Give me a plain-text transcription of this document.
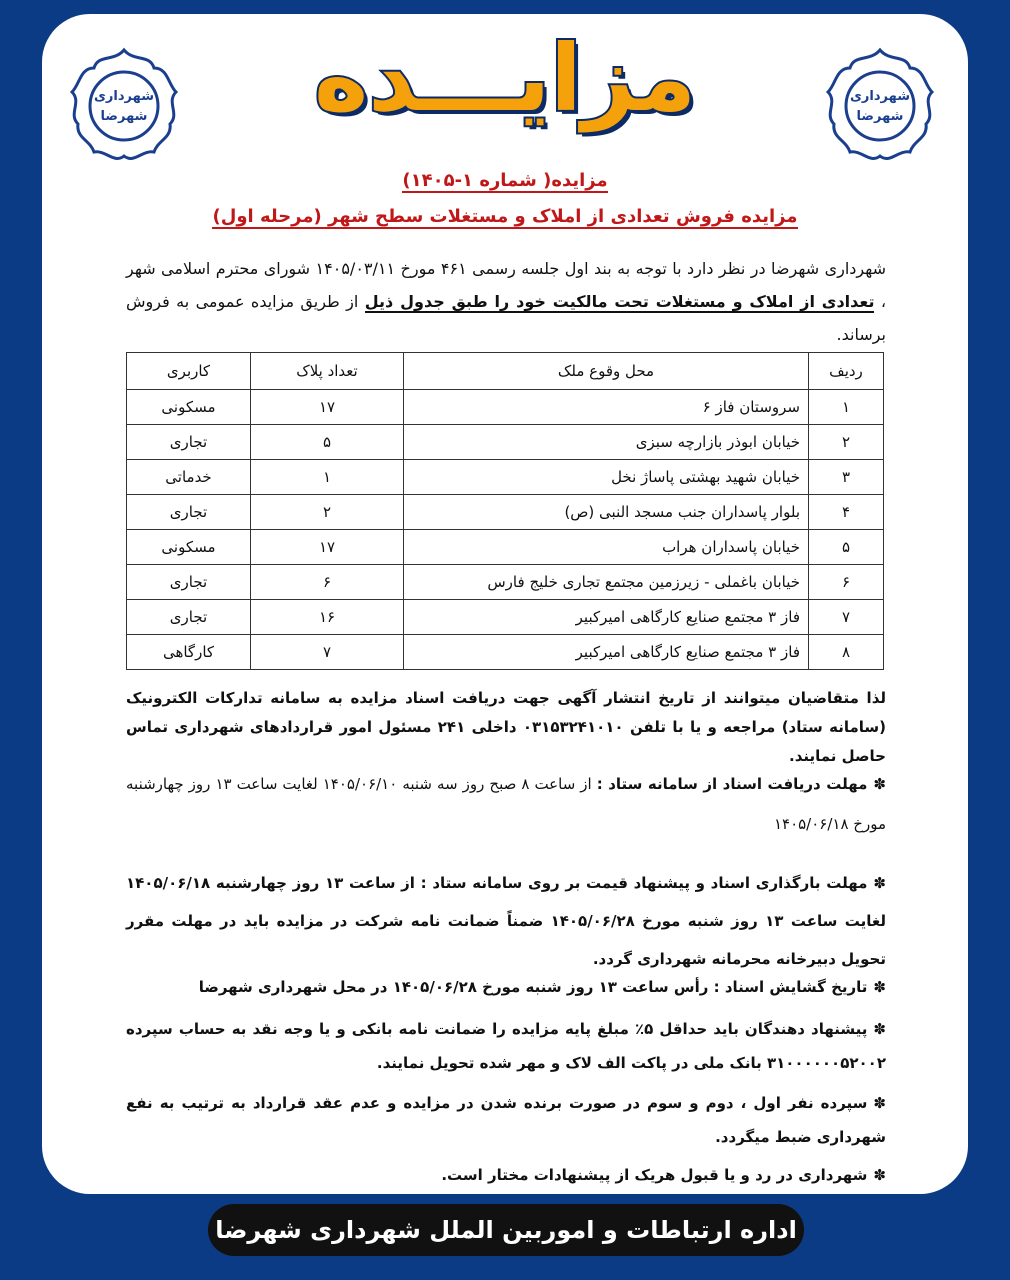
شهرداری
شهرضا
شهرداری
شهرضا
مزایـــده
مزایده( شماره ۱-۱۴۰۵)
مزایده فروش تعدادی از املاک و مستغلات سطح شهر (مرحله اول)
شهرداری شهرضا در نظر دارد با توجه به بند اول جلسه رسمی ۴۶۱ مورخ ۱۴۰۵/۰۳/۱۱ شورای محترم اسلامی شهر ، تعدادی از املاک و مستغلات تحت مالکیت خود را طبق جدول ذیل از طریق مزایده عمومی به فروش برساند.
ردیف	محل وقوع ملک	تعداد پلاک	کاربری
۱	سروستان فاز ۶	۱۷	مسکونی
۲	خیابان ابوذر بازارچه سبزی	۵	تجاری
۳	خیابان شهید بهشتی پاساژ نخل	۱	خدماتی
۴	بلوار پاسداران جنب مسجد النبی (ص)	۲	تجاری
۵	خیابان پاسداران هراب	۱۷	مسکونی
۶	خیابان باغملی - زیرزمین مجتمع تجاری خلیج فارس	۶	تجاری
۷	فاز ۳ مجتمع صنایع کارگاهی امیرکبیر	۱۶	تجاری
۸	فاز ۳ مجتمع صنایع کارگاهی امیرکبیر	۷	کارگاهی
لذا متقاضیان میتوانند از تاریخ انتشار آگهی جهت دریافت اسناد مزایده به سامانه تدارکات الکترونیک (سامانه ستاد) مراجعه و یا با تلفن ۰۳۱۵۳۲۴۱۰۱۰ داخلی ۲۴۱ مسئول امور قراردادهای شهرداری تماس حاصل نمایند.
✽مهلت دریافت اسناد از سامانه ستاد : از ساعت ۸ صبح روز سه شنبه ۱۴۰۵/۰۶/۱۰ لغایت ساعت ۱۳ روز چهارشنبه مورخ ۱۴۰۵/۰۶/۱۸
✽مهلت بارگذاری اسناد و پیشنهاد قیمت بر روی سامانه ستاد : از ساعت ۱۳ روز چهارشنبه ۱۴۰۵/۰۶/۱۸ لغایت ساعت ۱۳ روز شنبه مورخ ۱۴۰۵/۰۶/۲۸ ضمناً ضمانت نامه شرکت در مزایده باید در مهلت مقرر تحویل دبیرخانه محرمانه شهرداری گردد.
✽تاریخ گشایش اسناد : رأس ساعت ۱۳ روز شنبه مورخ ۱۴۰۵/۰۶/۲۸ در محل شهرداری شهرضا
✽پیشنهاد دهندگان باید حداقل ۵٪ مبلغ پایه مزایده را ضمانت نامه بانکی و یا وجه نقد به حساب سپرده ۳۱۰۰۰۰۰۰۵۲۰۰۲ بانک ملی در پاکت الف لاک و مهر شده تحویل نمایند.
✽سپرده نفر اول ، دوم و سوم در صورت برنده شدن در مزایده و عدم عقد قرارداد به ترتیب به نفع شهرداری ضبط میگردد.
✽شهرداری در رد و یا قبول هریک از پیشنهادات مختار است.
اداره ارتباطات و اموربین الملل شهرداری شهرضا
